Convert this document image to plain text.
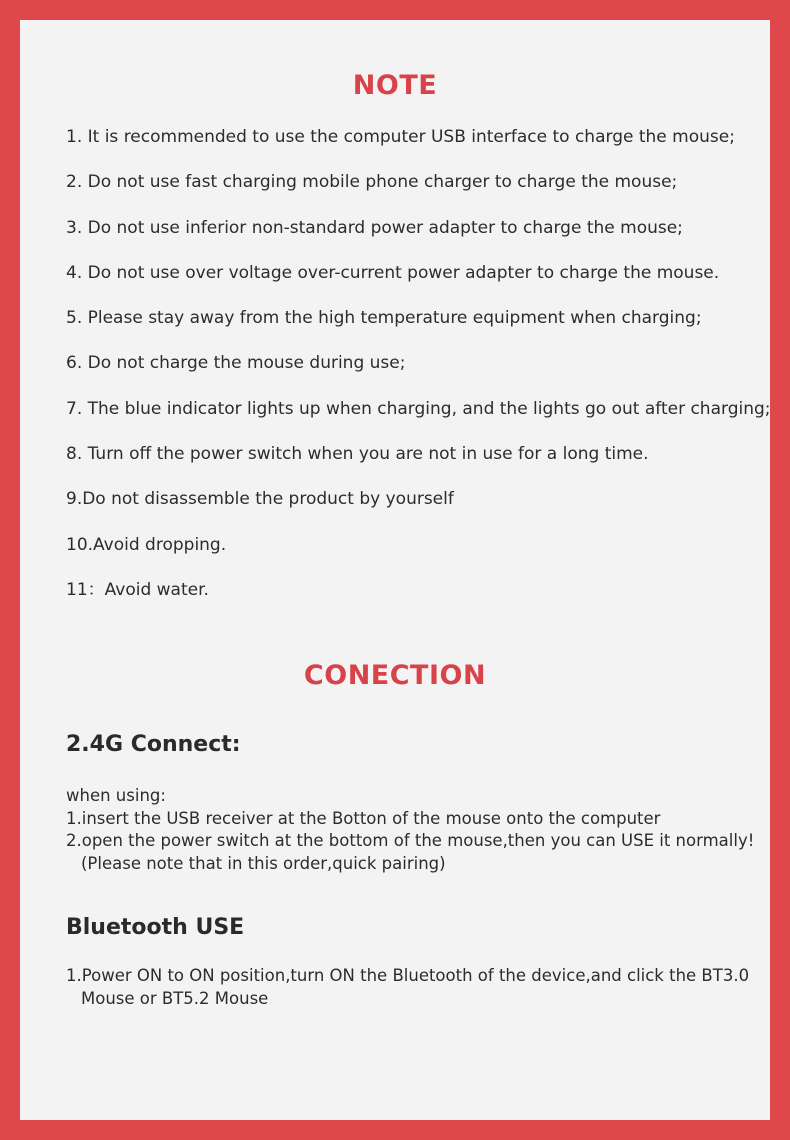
NOTE
1. It is recommended to use the computer USB interface to charge the mouse;
2. Do not use fast charging mobile phone charger to charge the mouse;
3. Do not use inferior non-standard power adapter to charge the mouse;
4. Do not use over voltage over-current power adapter to charge the mouse.
5. Please stay away from the high temperature equipment when charging;
6. Do not charge the mouse during use;
7. The blue indicator lights up when charging, and the lights go out after charging;
8. Turn off the power switch when you are not in use for a long time.
9.Do not disassemble the product by yourself
10.Avoid dropping.
11：Avoid water.
CONECTION
2.4G Connect:
when using:
1.insert the USB receiver at the Botton of the mouse onto the computer
2.open the power switch at the bottom of the mouse,then you can USE it normally!
(Please note that in this order,quick pairing)
Bluetooth USE
1.Power ON to ON position,turn ON the Bluetooth of the device,and click the BT3.0
Mouse or BT5.2 Mouse
